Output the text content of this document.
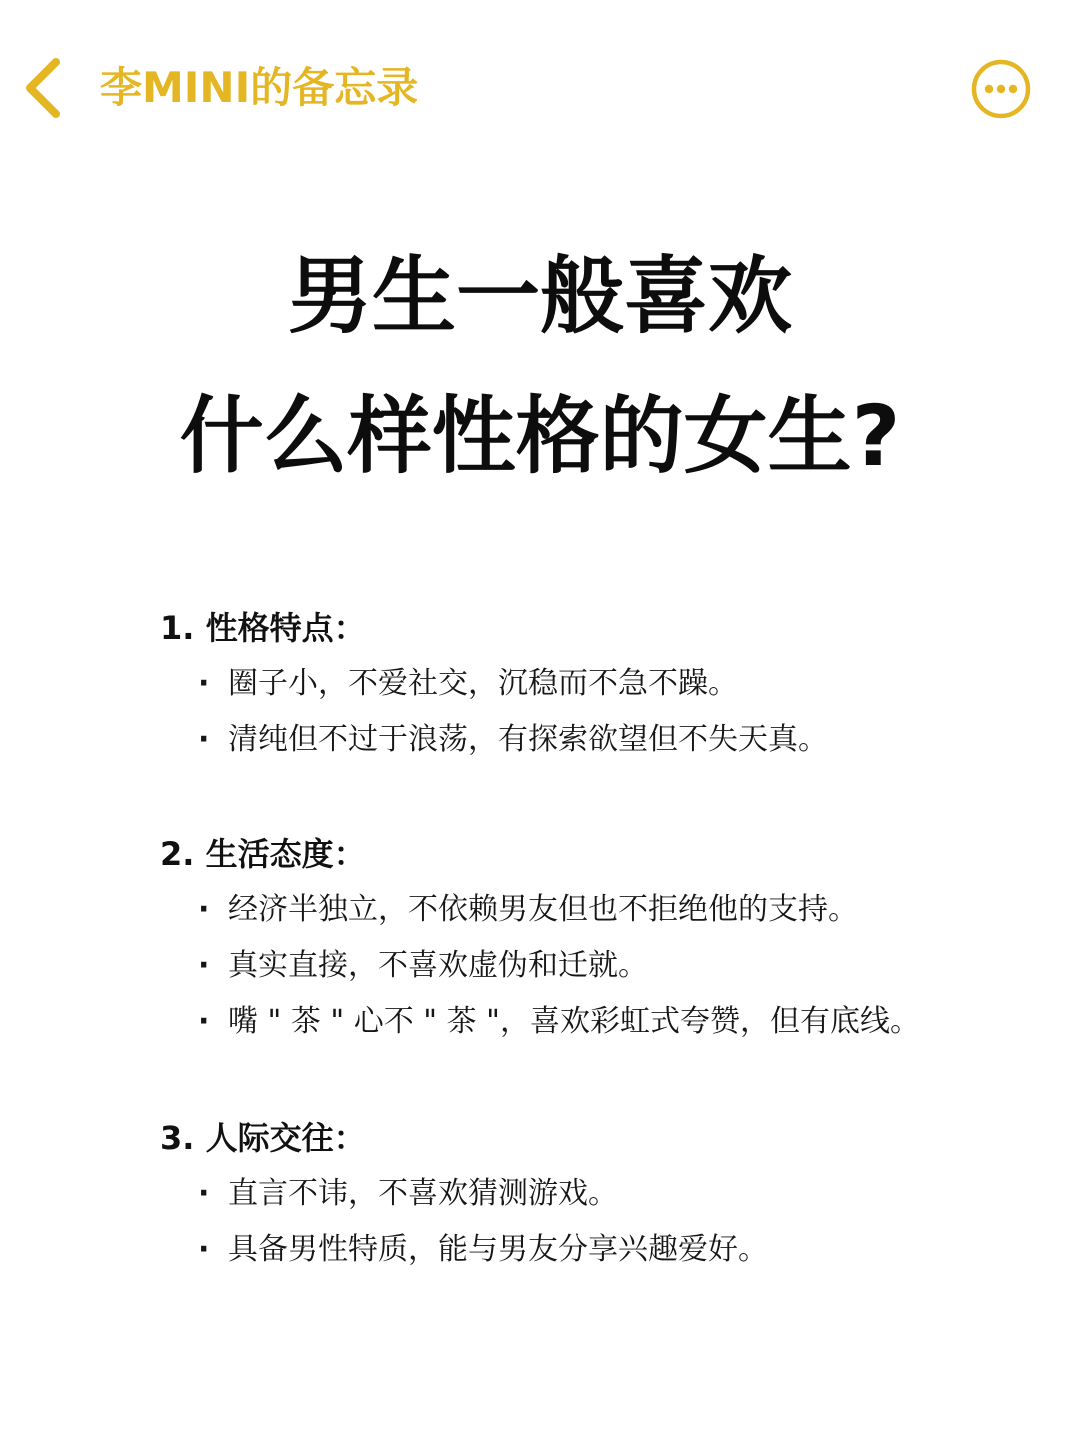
李MINI的备忘录
男生一般喜欢
什么样性格的女生?
1. 性格特点：
· 圈子小，不爱社交，沉稳而不急不躁。
· 清纯但不过于浪荡，有探索欲望但不失天真。
2. 生活态度：
· 经济半独立，不依赖男友但也不拒绝他的支持。
· 真实直接，不喜欢虚伪和迁就。
· 嘴 " 茶 " 心不 " 茶 "，喜欢彩虹式夸赞，但有底线。
3. 人际交往：
· 直言不讳，不喜欢猜测游戏。
· 具备男性特质，能与男友分享兴趣爱好。
